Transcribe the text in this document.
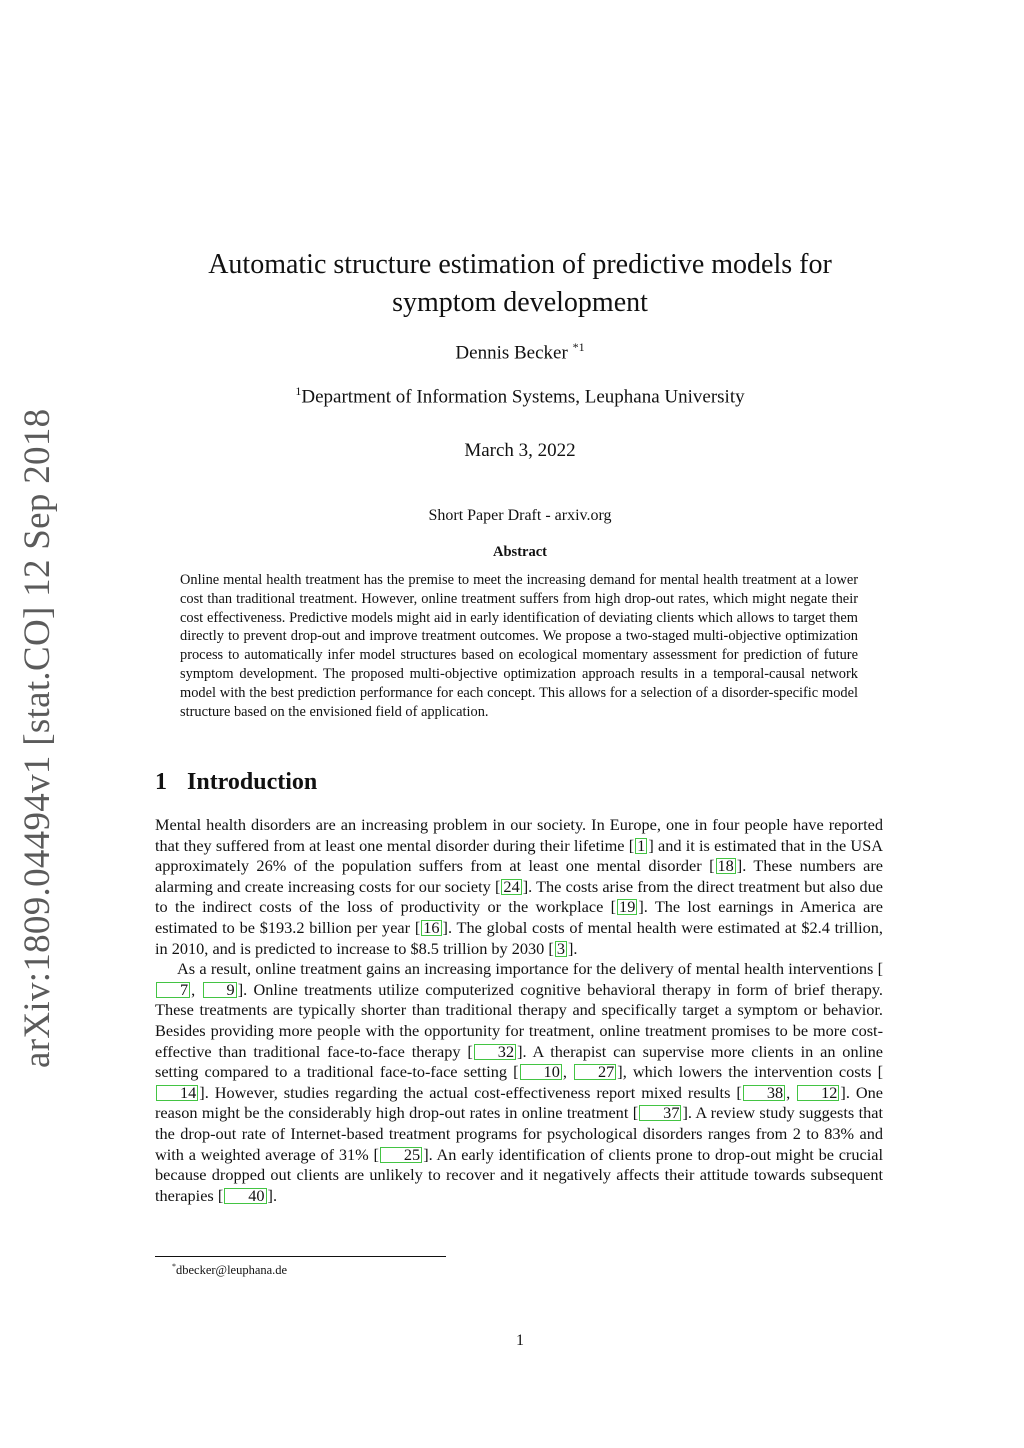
arXiv:1809.04494v1 [stat.CO] 12 Sep 2018
Automatic structure estimation of predictive models for symptom development
Dennis Becker $^{*1}$
$^1$Department of Information Systems, Leuphana University
March 3, 2022
Short Paper Draft - arxiv.org
Abstract

Online mental health treatment has the premise to meet the increasing demand for mental health treatment at a lower cost than traditional treatment. However, online treatment suffers from high drop-out rates, which might negate their cost effectiveness. Predictive models might aid in early identification of deviating clients which allows to target them directly to prevent drop-out and improve treatment outcomes. We propose a two-staged multi-objective optimization process to automatically infer model structures based on ecological momentary assessment for prediction of future symptom development. The proposed multi-objective optimization approach results in a temporal-causal network model with the best prediction performance for each concept. This allows for a selection of a disorder-specific model structure based on the envisioned field of application.

1 Introduction

Mental health disorders are an increasing problem in our society. In Europe, one in four people have reported that they suffered from at least one mental disorder during their lifetime [ 1 ] and it is estimated that in the USA approximately 26% of the population suffers from at least one mental disorder [ 18 ]. These numbers are alarming and create increasing costs for our society [ 24 ]. The costs arise from the direct treatment but also due to the indirect costs of the loss of productivity or the workplace [ 19 ]. The lost earnings in America are estimated to be $193.2 billion per year [ 16 ]. The global costs of mental health were estimated at $2.4 trillion, in 2010, and is predicted to increase to $8.5 trillion by 2030 [ 3 ].

As a result, online treatment gains an increasing importance for the delivery of mental health interventions [7 , 9 ]. Online treatments utilize computerized cognitive behavioral therapy in form of brief therapy. These treatments are typically shorter than traditional therapy and specifically target a symptom or behavior. Besides providing more people with the opportunity for treatment, online treatment promises to be more cost-effective than traditional face-to-face therapy [ 32 ]. A therapist can supervise more clients in an online setting compared to a traditional face-to-face setting [ 10 , 27 ], which lowers the intervention costs [14 ]. However, studies regarding the actual cost-effectiveness report mixed results [ 38 , 12 ]. One reason might be the considerably high drop-out rates in online treatment [ 37 ]. A review study suggests that the drop-out rate of Internet-based treatment programs for psychological disorders ranges from 2 to 83% and with a weighted average of 31% [ 25 ]. An early identification of clients prone to drop-out might be crucial because dropped out clients are unlikely to recover and it negatively affects their attitude towards subsequent therapies [ 40 ].

*dbecker@leuphana.de
1
